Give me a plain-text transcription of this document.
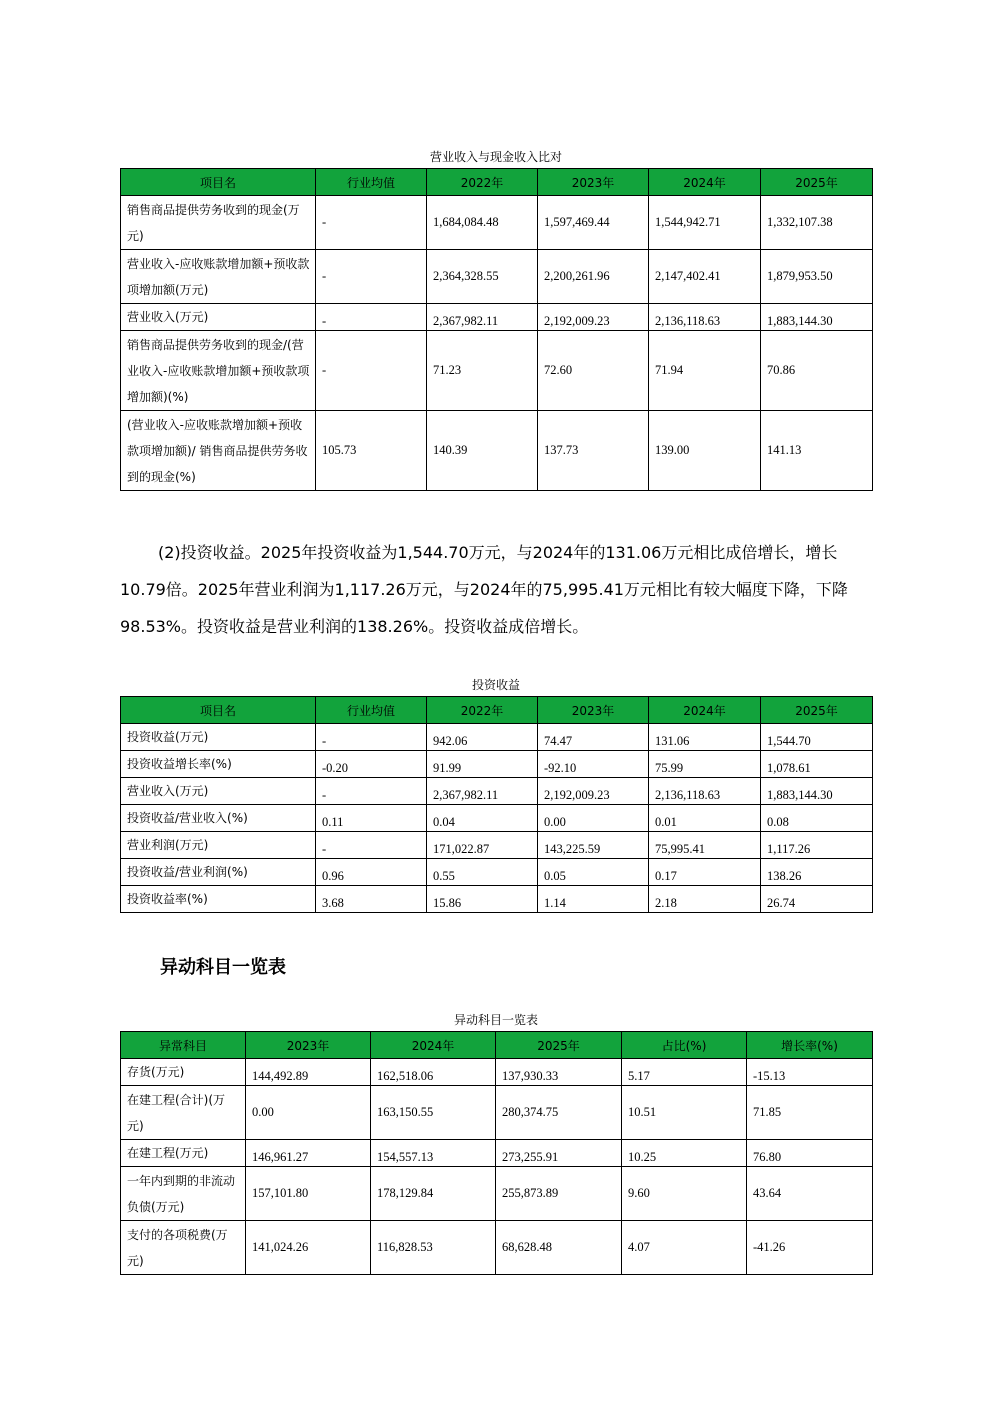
营业收入与现金收入比对
项目名	行业均值	2022年	2023年	2024年	2025年
销售商品提供劳务收到的现金(万元)	-	1,684,084.48	1,597,469.44	1,544,942.71	1,332,107.38
营业收入-应收账款增加额+预收款项增加额(万元)	-	2,364,328.55	2,200,261.96	2,147,402.41	1,879,953.50
营业收入(万元)	-	2,367,982.11	2,192,009.23	2,136,118.63	1,883,144.30
销售商品提供劳务收到的现金/(营业收入-应收账款增加额+预收款项增加额)(%)	-	71.23	72.60	71.94	70.86
(营业收入-应收账款增加额+预收款项增加额)/ 销售商品提供劳务收到的现金(%)	105.73	140.39	137.73	139.00	141.13

(2)投资收益。2025年投资收益为1,544.70万元，与2024年的131.06万元相比成倍增长，增长10.79倍。2025年营业利润为1,117.26万元，与2024年的75,995.41万元相比有较大幅度下降，下降98.53%。投资收益是营业利润的138.26%。投资收益成倍增长。

投资收益
项目名	行业均值	2022年	2023年	2024年	2025年
投资收益(万元)	-	942.06	74.47	131.06	1,544.70
投资收益增长率(%)	-0.20	91.99	-92.10	75.99	1,078.61
营业收入(万元)	-	2,367,982.11	2,192,009.23	2,136,118.63	1,883,144.30
投资收益/营业收入(%)	0.11	0.04	0.00	0.01	0.08
营业利润(万元)	-	171,022.87	143,225.59	75,995.41	1,117.26
投资收益/营业利润(%)	0.96	0.55	0.05	0.17	138.26
投资收益率(%)	3.68	15.86	1.14	2.18	26.74
异动科目一览表
异动科目一览表
异常科目	2023年	2024年	2025年	占比(%)	增长率(%)
存货(万元)	144,492.89	162,518.06	137,930.33	5.17	-15.13
在建工程(合计)(万元)	0.00	163,150.55	280,374.75	10.51	71.85
在建工程(万元)	146,961.27	154,557.13	273,255.91	10.25	76.80
一年内到期的非流动负债(万元)	157,101.80	178,129.84	255,873.89	9.60	43.64
支付的各项税费(万元)	141,024.26	116,828.53	68,628.48	4.07	-41.26
